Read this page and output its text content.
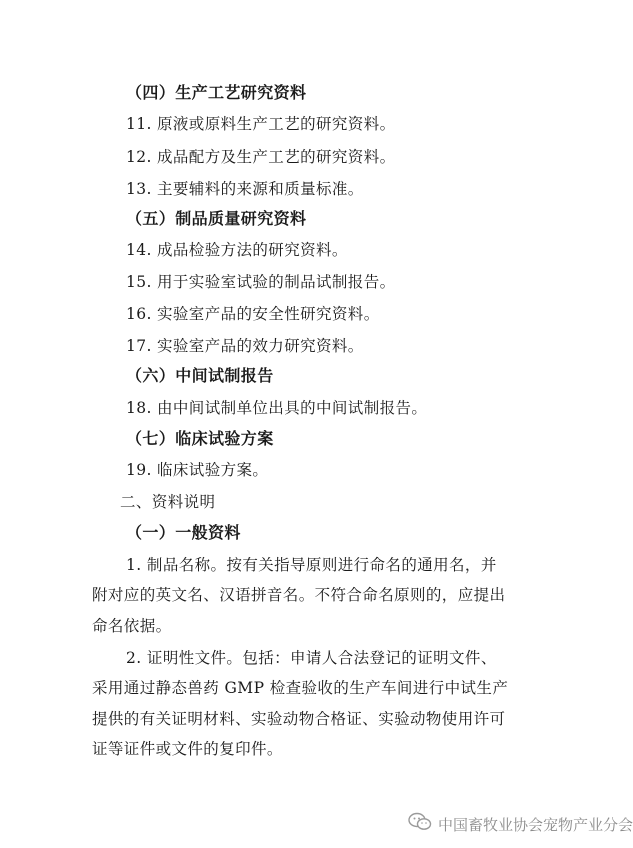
（四）生产工艺研究资料
11. 原液或原料生产工艺的研究资料。
12. 成品配方及生产工艺的研究资料。
13. 主要辅料的来源和质量标准。
（五）制品质量研究资料
14. 成品检验方法的研究资料。
15. 用于实验室试验的制品试制报告。
16. 实验室产品的安全性研究资料。
17. 实验室产品的效力研究资料。
（六）中间试制报告
18. 由中间试制单位出具的中间试制报告。
（七）临床试验方案
19. 临床试验方案。
二、资料说明
（一）一般资料
1. 制品名称。按有关指导原则进行命名的通用名，并
附对应的英文名、汉语拼音名。不符合命名原则的，应提出
命名依据。
2. 证明性文件。包括：申请人合法登记的证明文件、
采用通过静态兽药 GMP 检查验收的生产车间进行中试生产
提供的有关证明材料、实验动物合格证、实验动物使用许可
证等证件或文件的复印件。
中国畜牧业协会宠物产业分会
